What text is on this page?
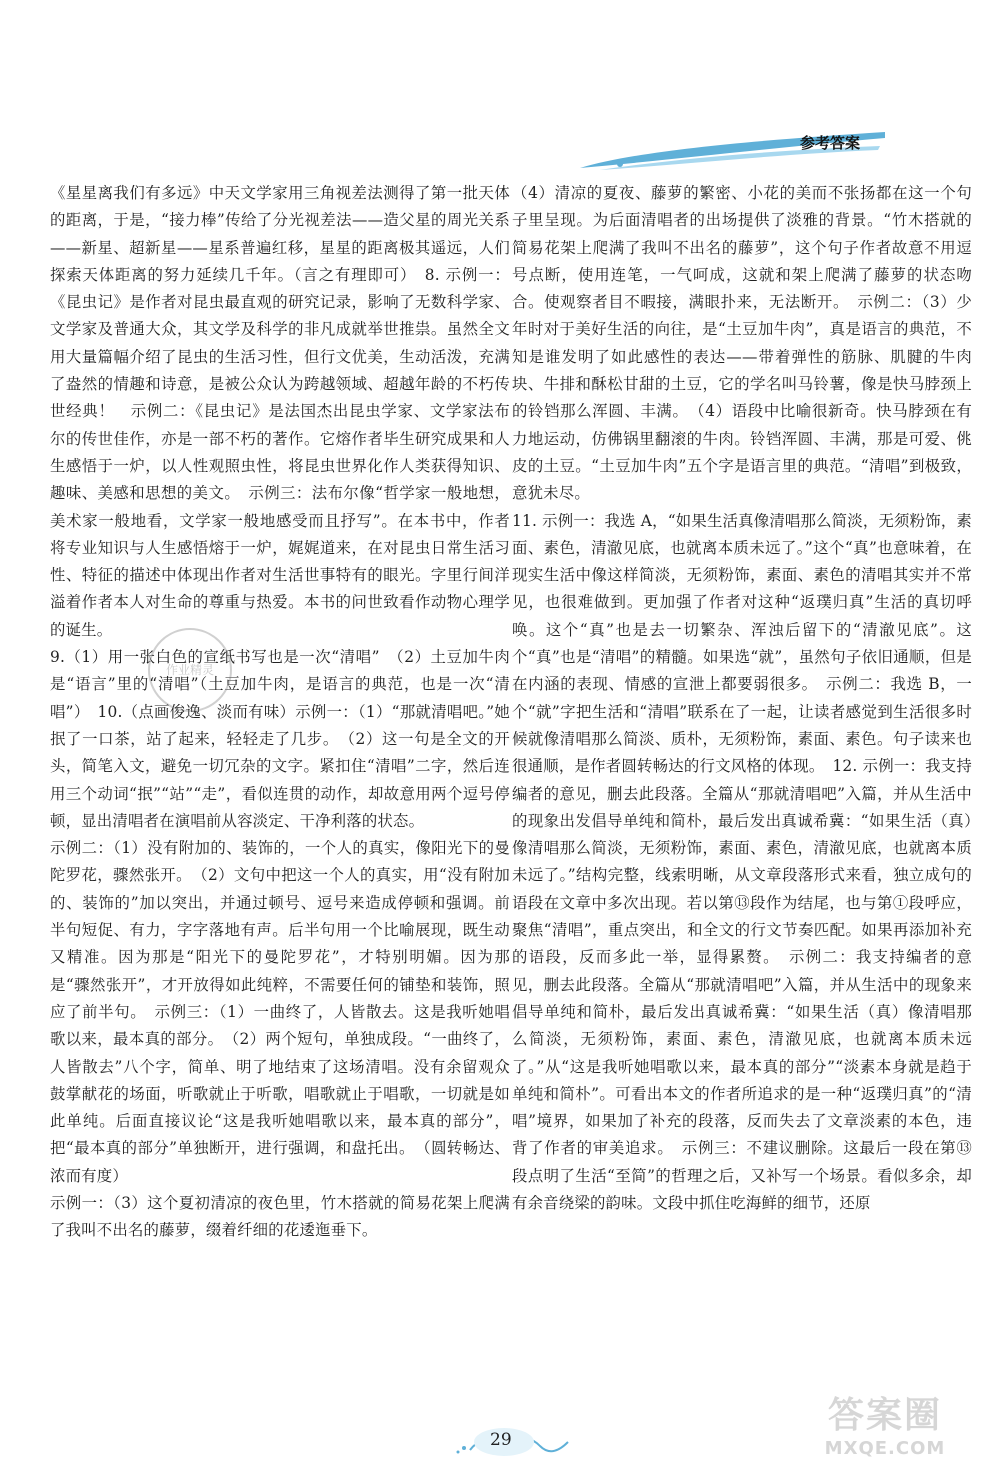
参考答案

《星星离我们有多远》中天文学家用三角视差法测得了第一批天体的距离，于是，“接力棒”传给了分光视差法——造父星的周光关系——新星、超新星——星系普遍红移，星星的距离极其遥远，人们探索天体距离的努力延续几千年。（言之有理即可）　8. 示例一：《昆虫记》是作者对昆虫最直观的研究记录，影响了无数科学家、文学家及普通大众，其文学及科学的非凡成就举世推祟。虽然全文用大量篇幅介绍了昆虫的生活习性，但行文优美，生动活泼，充满了盎然的情趣和诗意，是被公众认为跨越领域、超越年龄的不朽传世经典！　示例二：《昆虫记》是法国杰出昆虫学家、文学家法布尔的传世佳作，亦是一部不朽的著作。它熔作者毕生研究成果和人生感悟于一炉，以人性观照虫性，将昆虫世界化作人类获得知识、趣味、美感和思想的美文。　示例三：法布尔像“哲学家一般地想，美术家一般地看，文学家一般地感受而且抒写”。在本书中，作者将专业知识与人生感悟熔于一炉，娓娓道来，在对昆虫日常生活习性、特征的描述中体现出作者对生活世事特有的眼光。字里行间洋溢着作者本人对生命的尊重与热爱。本书的问世致看作动物心理学的诞生。

9.（1）用一张白色的宣纸书写也是一次“清唱”　（2）土豆加牛肉是“语言”里的“清唱”（土豆加牛肉，是语言的典范，也是一次“清唱”）　10.（点画俊逸、淡而有味）示例一：（1）“那就清唱吧。”她抿了一口茶，站了起来，轻轻走了几步。　（2）这一句是全文的开头，简笔入文，避免一切冗杂的文字。紧扣住“清唱”二字，然后连用三个动词“抿”“站”“走”，看似连贯的动作，却故意用两个逗号停顿，显出清唱者在演唱前从容淡定、干净利落的状态。

示例二：（1）没有附加的、装饰的，一个人的真实，像阳光下的曼陀罗花，骤然张开。　（2）文句中把这一个人的真实，用“没有附加的、装饰的”加以突出，并通过顿号、逗号来造成停顿和强调。前半句短促、有力，字字落地有声。后半句用一个比喻展现，既生动又精准。因为那是“阳光下的曼陀罗花”，才特别明媚。因为那是“骤然张开”，才开放得如此纯粹，不需要任何的铺垫和装饰，照应了前半句。　示例三：（1）一曲终了，人皆散去。这是我听她唱歌以来，最本真的部分。　（2）两个短句，单独成段。“一曲终了，人皆散去”八个字，简单、明了地结束了这场清唱。没有余留观众鼓掌献花的场面，听歌就止于听歌，唱歌就止于唱歌，一切就是如此单纯。后面直接议论“这是我听她唱歌以来，最本真的部分”，把“最本真的部分”单独断开，进行强调，和盘托出。　（圆转畅达、浓而有度）

示例一：（3）这个夏初清凉的夜色里，竹木搭就的简易花架上爬满了我叫不出名的藤萝，缀着纤细的花逶迤垂下。

（4）清凉的夏夜、藤萝的繁密、小花的美而不张扬都在这一个句子里呈现。为后面清唱者的出场提供了淡雅的背景。“竹木搭就的简易花架上爬满了我叫不出名的藤萝”，这个句子作者故意不用逗号点断，使用连笔，一气呵成，这就和架上爬满了藤萝的状态吻合。使观察者目不暇接，满眼扑来，无法断开。　示例二：（3）少年时对于美好生活的向往，是“土豆加牛肉”，真是语言的典范，不知是谁发明了如此感性的表达——带着弹性的筋脉、肌腱的牛肉块、牛排和酥松甘甜的土豆，它的学名叫马铃薯，像是快马脖颈上的铃铛那么浑圆、丰满。　（4）语段中比喻很新奇。快马脖颈在有力地运动，仿佛锅里翻滚的牛肉。铃铛浑圆、丰满，那是可爱、佻皮的土豆。“土豆加牛肉”五个字是语言里的典范。“清唱”到极致，意犹未尽。

11. 示例一：我选 A，“如果生活真像清唱那么简淡，无须粉饰，素面、素色，清澈见底，也就离本质未远了。”这个“真”也意味着，在现实生活中像这样简淡，无须粉饰，素面、素色的清唱其实并不常见，也很难做到。更加强了作者对这种“返璞归真”生活的真切呼唤。这个“真”也是去一切繁杂、浑浊后留下的“清澈见底”。这个“真”也是“清唱”的精髓。如果选“就”，虽然句子依旧通顺，但是在内涵的表现、情感的宣泄上都要弱很多。　示例二：我选 B，一个“就”字把生活和“清唱”联系在了一起，让读者感觉到生活很多时候就像清唱那么简淡、质朴，无须粉饰，素面、素色。句子读来也很通顺，是作者圆转畅达的行文风格的体现。　12. 示例一：我支持编者的意见，删去此段落。全篇从“那就清唱吧”入篇，并从生活中的现象出发倡导单纯和简朴，最后发出真诚希冀：“如果生活（真）像清唱那么简淡，无须粉饰，素面、素色，清澈见底，也就离本质未远了。”结构完整，线索明晰，从文章段落形式来看，独立成句的语段在文章中多次出现。若以第⑬段作为结尾，也与第①段呼应，聚焦“清唱”，重点突出，和全文的行文节奏匹配。如果再添加补充的语段，反而多此一举，显得累赘。　示例二：我支持编者的意见，删去此段落。全篇从“那就清唱吧”入篇，并从生活中的现象来倡导单纯和简朴，最后发出真诚希冀：“如果生活（真）像清唱那么简淡，无须粉饰，素面、素色，清澈见底，也就离本质未远了。”从“这是我听她唱歌以来，最本真的部分”“淡素本身就是趋于单纯和简朴”。可看出本文的作者所追求的是一种“返璞归真”的“清唱”境界，如果加了补充的段落，反而失去了文章淡素的本色，违背了作者的审美追求。　示例三：不建议删除。这最后一段在第⑬段点明了生活“至简”的哲理之后，又补写一个场景。看似多余，却有余音绕梁的韵味。文段中抓住吃海鲜的细节，还原

作业精灵
29
答案圈
MXQE.COM
